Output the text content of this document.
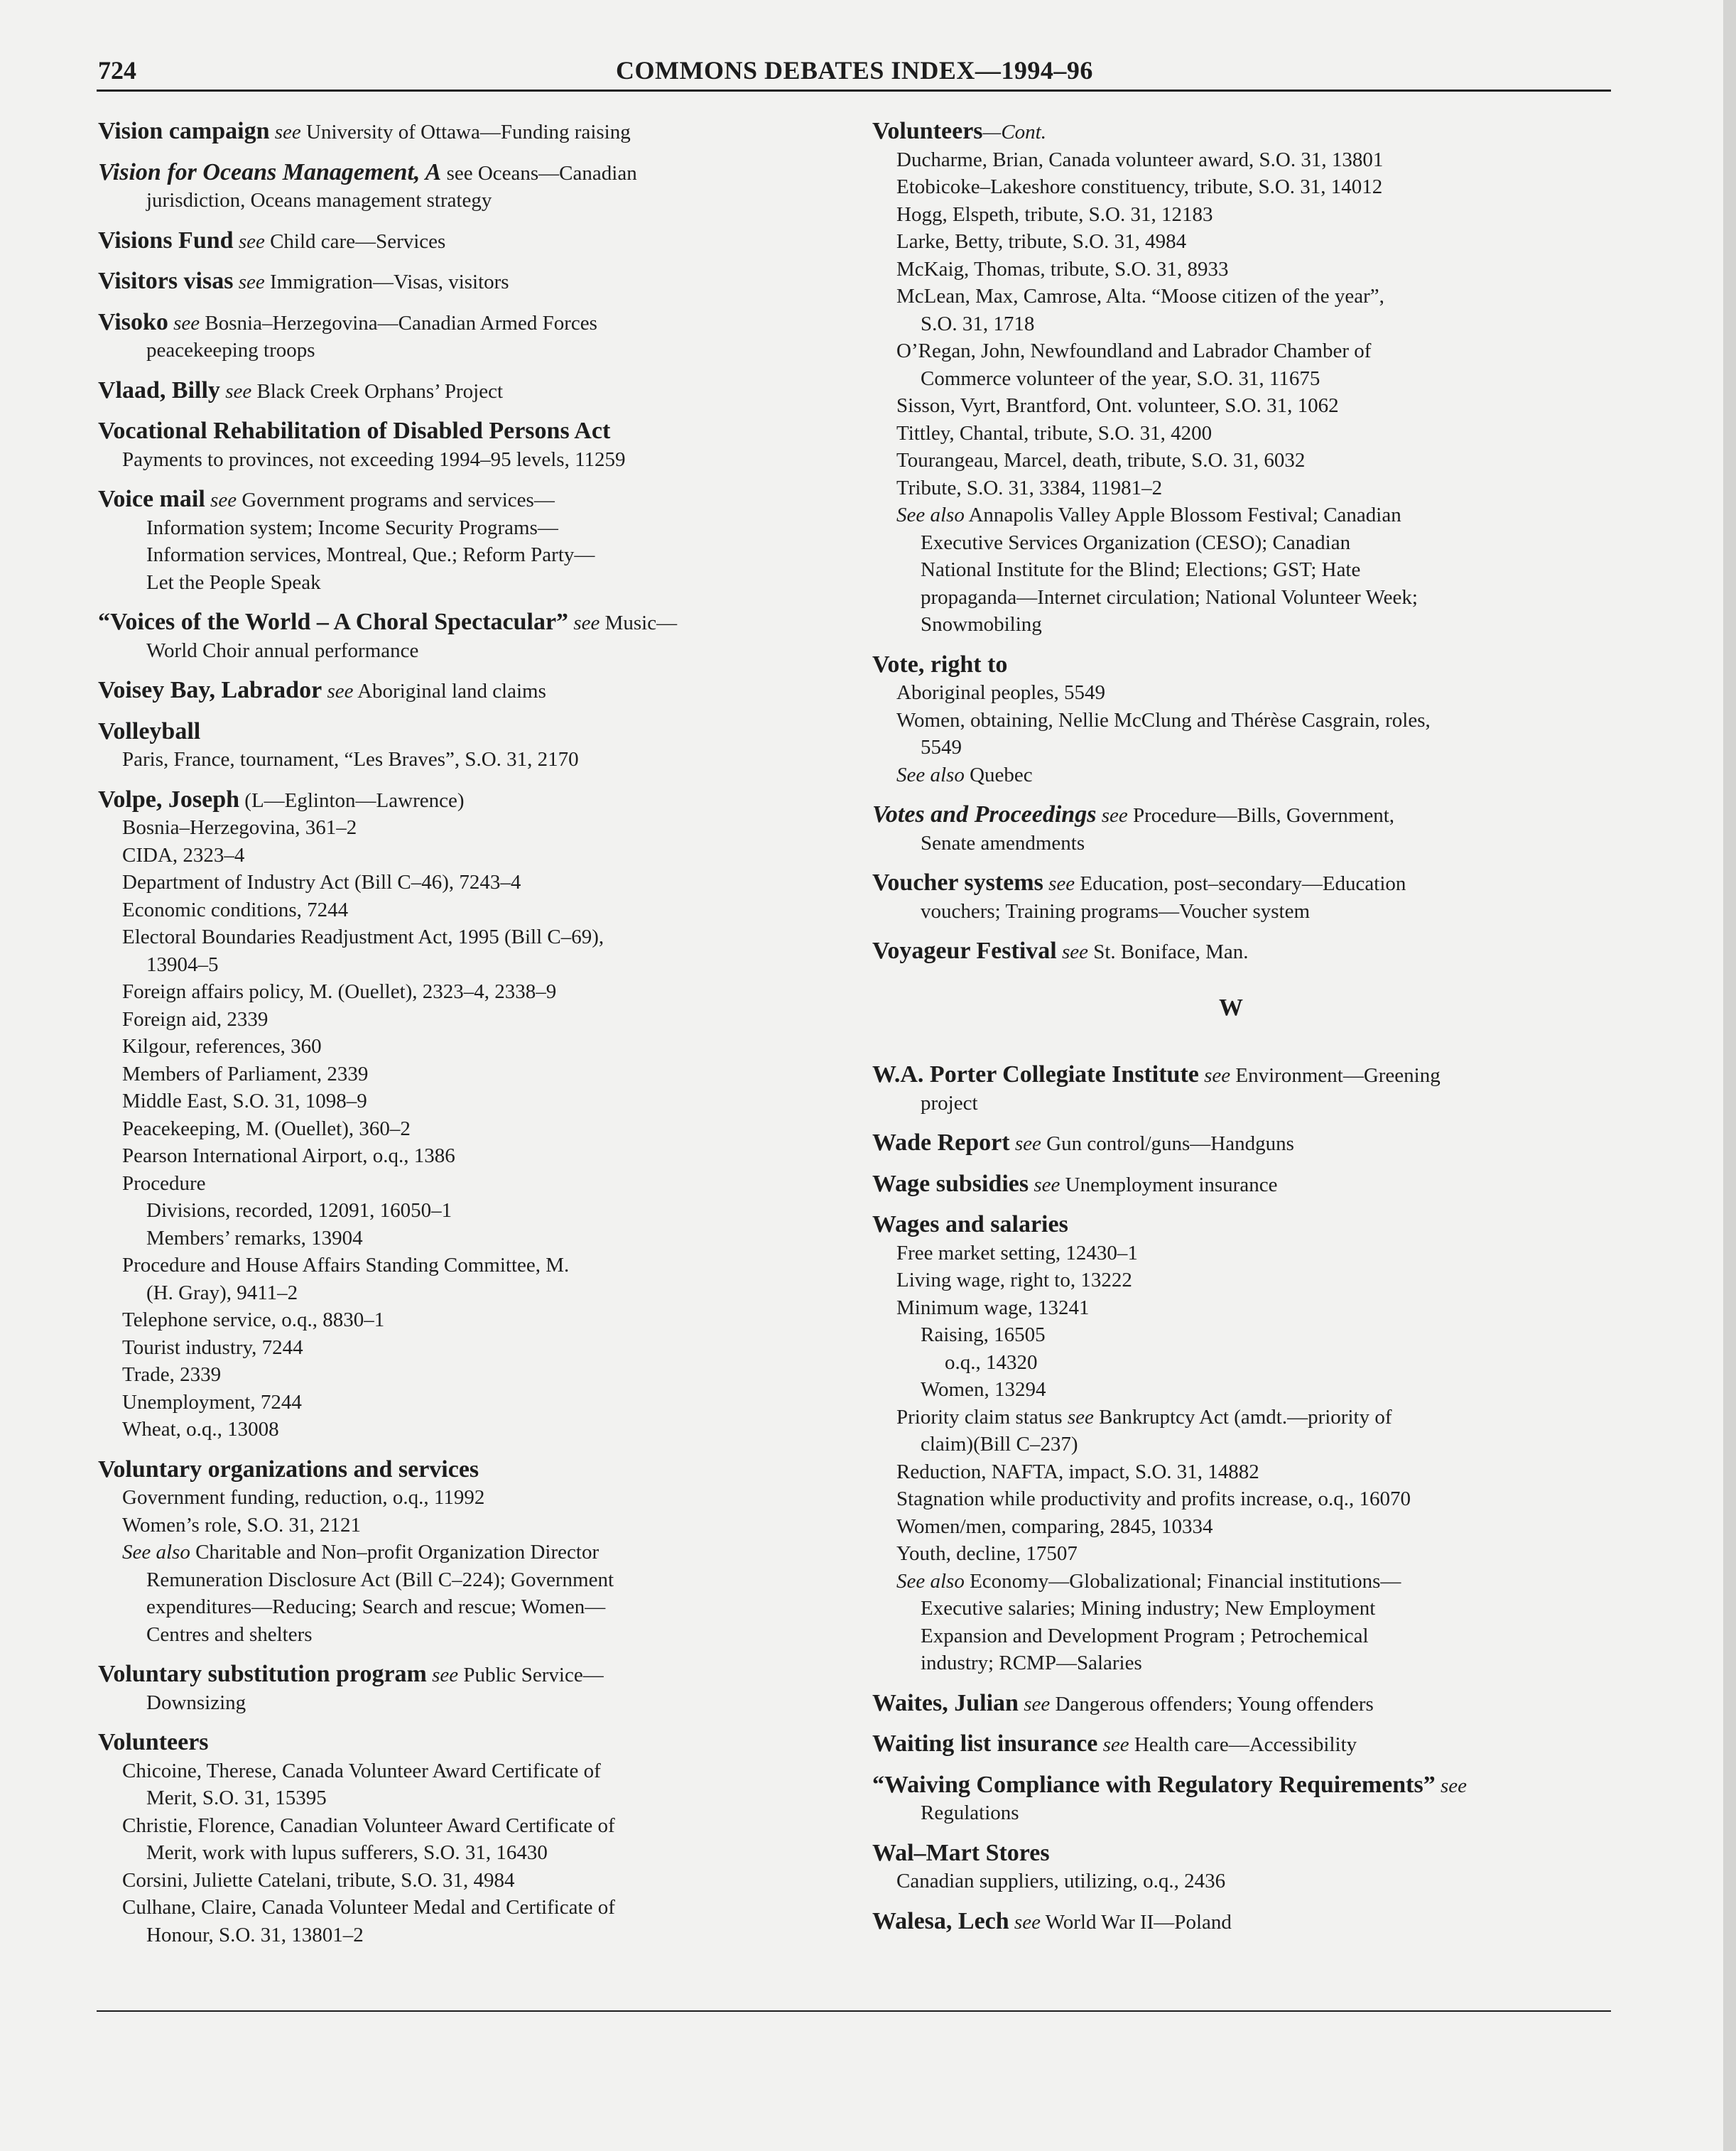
724	COMMONS DEBATES INDEX—1994–96
Vision campaign see University of Ottawa—Funding raising
Vision for Oceans Management, A see Oceans—Canadian
jurisdiction, Oceans management strategy
Visions Fund see Child care—Services
Visitors visas see Immigration—Visas, visitors
Visoko see Bosnia–Herzegovina—Canadian Armed Forces
peacekeeping troops
Vlaad, Billy see Black Creek Orphans’ Project
Vocational Rehabilitation of Disabled Persons Act
Payments to provinces, not exceeding 1994–95 levels, 11259
Voice mail see Government programs and services—
Information system; Income Security Programs—
Information services, Montreal, Que.; Reform Party—
Let the People Speak
“Voices of the World – A Choral Spectacular” see Music—
World Choir annual performance
Voisey Bay, Labrador see Aboriginal land claims
Volleyball
Paris, France, tournament, “Les Braves”, S.O. 31, 2170
Volpe, Joseph (L—Eglinton—Lawrence)
Bosnia–Herzegovina, 361–2
CIDA, 2323–4
Department of Industry Act (Bill C–46), 7243–4
Economic conditions, 7244
Electoral Boundaries Readjustment Act, 1995 (Bill C–69),
13904–5
Foreign affairs policy, M. (Ouellet), 2323–4, 2338–9
Foreign aid, 2339
Kilgour, references, 360
Members of Parliament, 2339
Middle East, S.O. 31, 1098–9
Peacekeeping, M. (Ouellet), 360–2
Pearson International Airport, o.q., 1386
Procedure
Divisions, recorded, 12091, 16050–1
Members’ remarks, 13904
Procedure and House Affairs Standing Committee, M.
(H. Gray), 9411–2
Telephone service, o.q., 8830–1
Tourist industry, 7244
Trade, 2339
Unemployment, 7244
Wheat, o.q., 13008
Voluntary organizations and services
Government funding, reduction, o.q., 11992
Women’s role, S.O. 31, 2121
See also Charitable and Non–profit Organization Director
Remuneration Disclosure Act (Bill C–224); Government
expenditures—Reducing; Search and rescue; Women—
Centres and shelters
Voluntary substitution program see Public Service—
Downsizing
Volunteers
Chicoine, Therese, Canada Volunteer Award Certificate of
Merit, S.O. 31, 15395
Christie, Florence, Canadian Volunteer Award Certificate of
Merit, work with lupus sufferers, S.O. 31, 16430
Corsini, Juliette Catelani, tribute, S.O. 31, 4984
Culhane, Claire, Canada Volunteer Medal and Certificate of
Honour, S.O. 31, 13801–2
Volunteers—Cont.
Ducharme, Brian, Canada volunteer award, S.O. 31, 13801
Etobicoke–Lakeshore constituency, tribute, S.O. 31, 14012
Hogg, Elspeth, tribute, S.O. 31, 12183
Larke, Betty, tribute, S.O. 31, 4984
McKaig, Thomas, tribute, S.O. 31, 8933
McLean, Max, Camrose, Alta. “Moose citizen of the year”,
S.O. 31, 1718
O’Regan, John, Newfoundland and Labrador Chamber of
Commerce volunteer of the year, S.O. 31, 11675
Sisson, Vyrt, Brantford, Ont. volunteer, S.O. 31, 1062
Tittley, Chantal, tribute, S.O. 31, 4200
Tourangeau, Marcel, death, tribute, S.O. 31, 6032
Tribute, S.O. 31, 3384, 11981–2
See also Annapolis Valley Apple Blossom Festival; Canadian
Executive Services Organization (CESO); Canadian
National Institute for the Blind; Elections; GST; Hate
propaganda—Internet circulation; National Volunteer Week;
Snowmobiling
Vote, right to
Aboriginal peoples, 5549
Women, obtaining, Nellie McClung and Thérèse Casgrain, roles,
5549
See also Quebec
Votes and Proceedings see Procedure—Bills, Government,
Senate amendments
Voucher systems see Education, post–secondary—Education
vouchers; Training programs—Voucher system
Voyageur Festival see St. Boniface, Man.
W
W.A. Porter Collegiate Institute see Environment—Greening
project
Wade Report see Gun control/guns—Handguns
Wage subsidies see Unemployment insurance
Wages and salaries
Free market setting, 12430–1
Living wage, right to, 13222
Minimum wage, 13241
Raising, 16505
o.q., 14320
Women, 13294
Priority claim status see Bankruptcy Act (amdt.—priority of
claim)(Bill C–237)
Reduction, NAFTA, impact, S.O. 31, 14882
Stagnation while productivity and profits increase, o.q., 16070
Women/men, comparing, 2845, 10334
Youth, decline, 17507
See also Economy—Globalizational; Financial institutions—
Executive salaries; Mining industry; New Employment
Expansion and Development Program ; Petrochemical
industry; RCMP—Salaries
Waites, Julian see Dangerous offenders; Young offenders
Waiting list insurance see Health care—Accessibility
“Waiving Compliance with Regulatory Requirements” see
Regulations
Wal–Mart Stores
Canadian suppliers, utilizing, o.q., 2436
Walesa, Lech see World War II—Poland
